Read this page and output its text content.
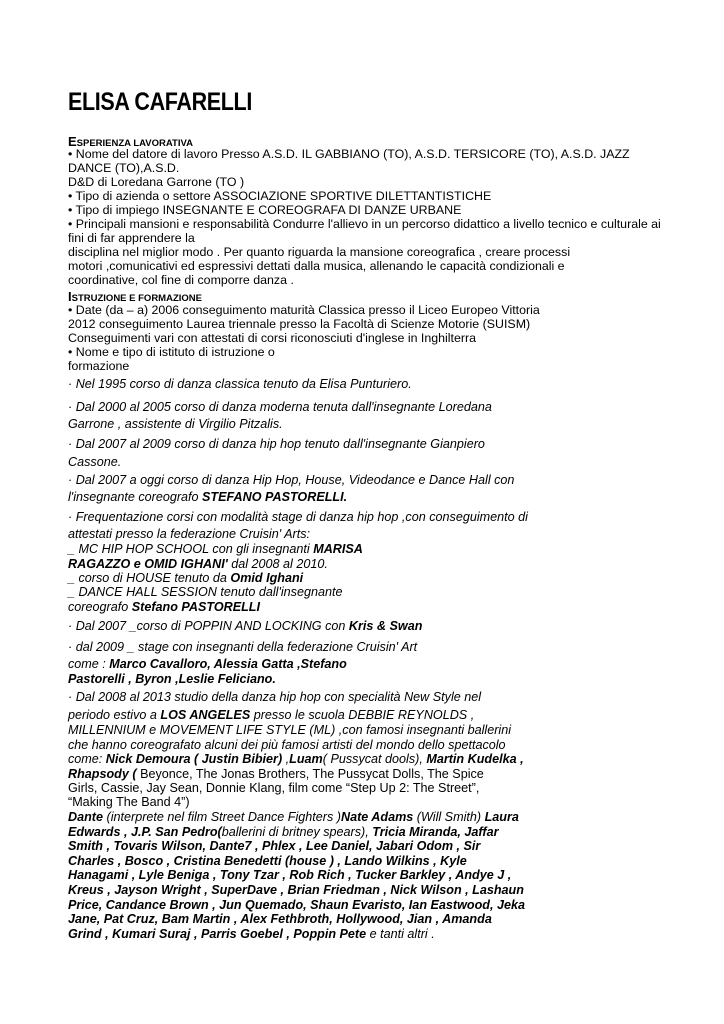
ELISA CAFARELLI
ESPERIENZA LAVORATIVA
• Nome del datore di lavoro Presso A.S.D. IL GABBIANO (TO), A.S.D. TERSICORE (TO), A.S.D. JAZZ
DANCE (TO),A.S.D.
D&D di Loredana Garrone (TO )
• Tipo di azienda o settore ASSOCIAZIONE SPORTIVE DILETTANTISTICHE
• Tipo di impiego INSEGNANTE E COREOGRAFA DI DANZE URBANE
• Principali mansioni e responsabilità Condurre l'allievo in un percorso didattico a livello tecnico e culturale ai
fini di far apprendere la
disciplina nel miglior modo . Per quanto riguarda la mansione coreografica , creare processi
motori ,comunicativi ed espressivi dettati dalla musica, allenando le capacità condizionali e
coordinative, col fine di comporre danza .
ISTRUZIONE E FORMAZIONE
• Date (da – a) 2006 conseguimento maturità Classica presso il Liceo Europeo Vittoria
2012 conseguimento Laurea triennale presso la Facoltà di Scienze Motorie (SUISM)
Conseguimenti vari con attestati di corsi riconosciuti d'inglese in Inghilterra
• Nome e tipo di istituto di istruzione o
formazione
· Nel 1995 corso di danza classica tenuto da Elisa Punturiero.
· Dal 2000 al 2005 corso di danza moderna tenuta dall'insegnante Loredana
Garrone , assistente di Virgilio Pitzalis.
· Dal 2007 al 2009 corso di danza hip hop tenuto dall'insegnante Gianpiero
Cassone.
· Dal 2007 a oggi corso di danza Hip Hop, House, Videodance e Dance Hall con
l'insegnante coreografo STEFANO PASTORELLI.
· Frequentazione corsi con modalità stage di danza hip hop ,con conseguimento di
attestati presso la federazione Cruisin' Arts:
_ MC HIP HOP SCHOOL con gli insegnanti MARISA
RAGAZZO e OMID IGHANI' dal 2008 al 2010.
_ corso di HOUSE tenuto da Omid Ighani
_ DANCE HALL SESSION tenuto dall'insegnante
coreografo Stefano PASTORELLI
· Dal 2007 _corso di POPPIN AND LOCKING con Kris & Swan
· dal 2009 _ stage con insegnanti della federazione Cruisin' Art
come : Marco Cavalloro, Alessia Gatta ,Stefano
Pastorelli , Byron ,Leslie Feliciano.
· Dal 2008 al 2013 studio della danza hip hop con specialità New Style nel
periodo estivo a LOS ANGELES presso le scuola DEBBIE REYNOLDS ,
MILLENNIUM e MOVEMENT LIFE STYLE (ML) ,con famosi insegnanti ballerini
che hanno coreografato alcuni dei più famosi artisti del mondo dello spettacolo
come: Nick Demoura ( Justin Bibier) ,Luam( Pussycat dools), Martin Kudelka ,
Rhapsody ( Beyonce, The Jonas Brothers, The Pussycat Dolls, The Spice
Girls, Cassie, Jay Sean, Donnie Klang, film come “Step Up 2: The Street”,
“Making The Band 4”)
Dante (interprete nel film Street Dance Fighters )Nate Adams (Will Smith) Laura
Edwards , J.P. San Pedro(ballerini di britney spears), Tricia Miranda, Jaffar
Smith , Tovaris Wilson, Dante7 , Phlex , Lee Daniel, Jabari Odom , Sir
Charles , Bosco , Cristina Benedetti (house ) , Lando Wilkins , Kyle
Hanagami , Lyle Beniga , Tony Tzar , Rob Rich , Tucker Barkley , Andye J ,
Kreus , Jayson Wright , SuperDave , Brian Friedman , Nick Wilson , Lashaun
Price, Candance Brown , Jun Quemado, Shaun Evaristo, Ian Eastwood, Jeka
Jane, Pat Cruz, Bam Martin , Alex Fethbroth, Hollywood, Jian , Amanda
Grind , Kumari Suraj , Parris Goebel , Poppin Pete e tanti altri .
